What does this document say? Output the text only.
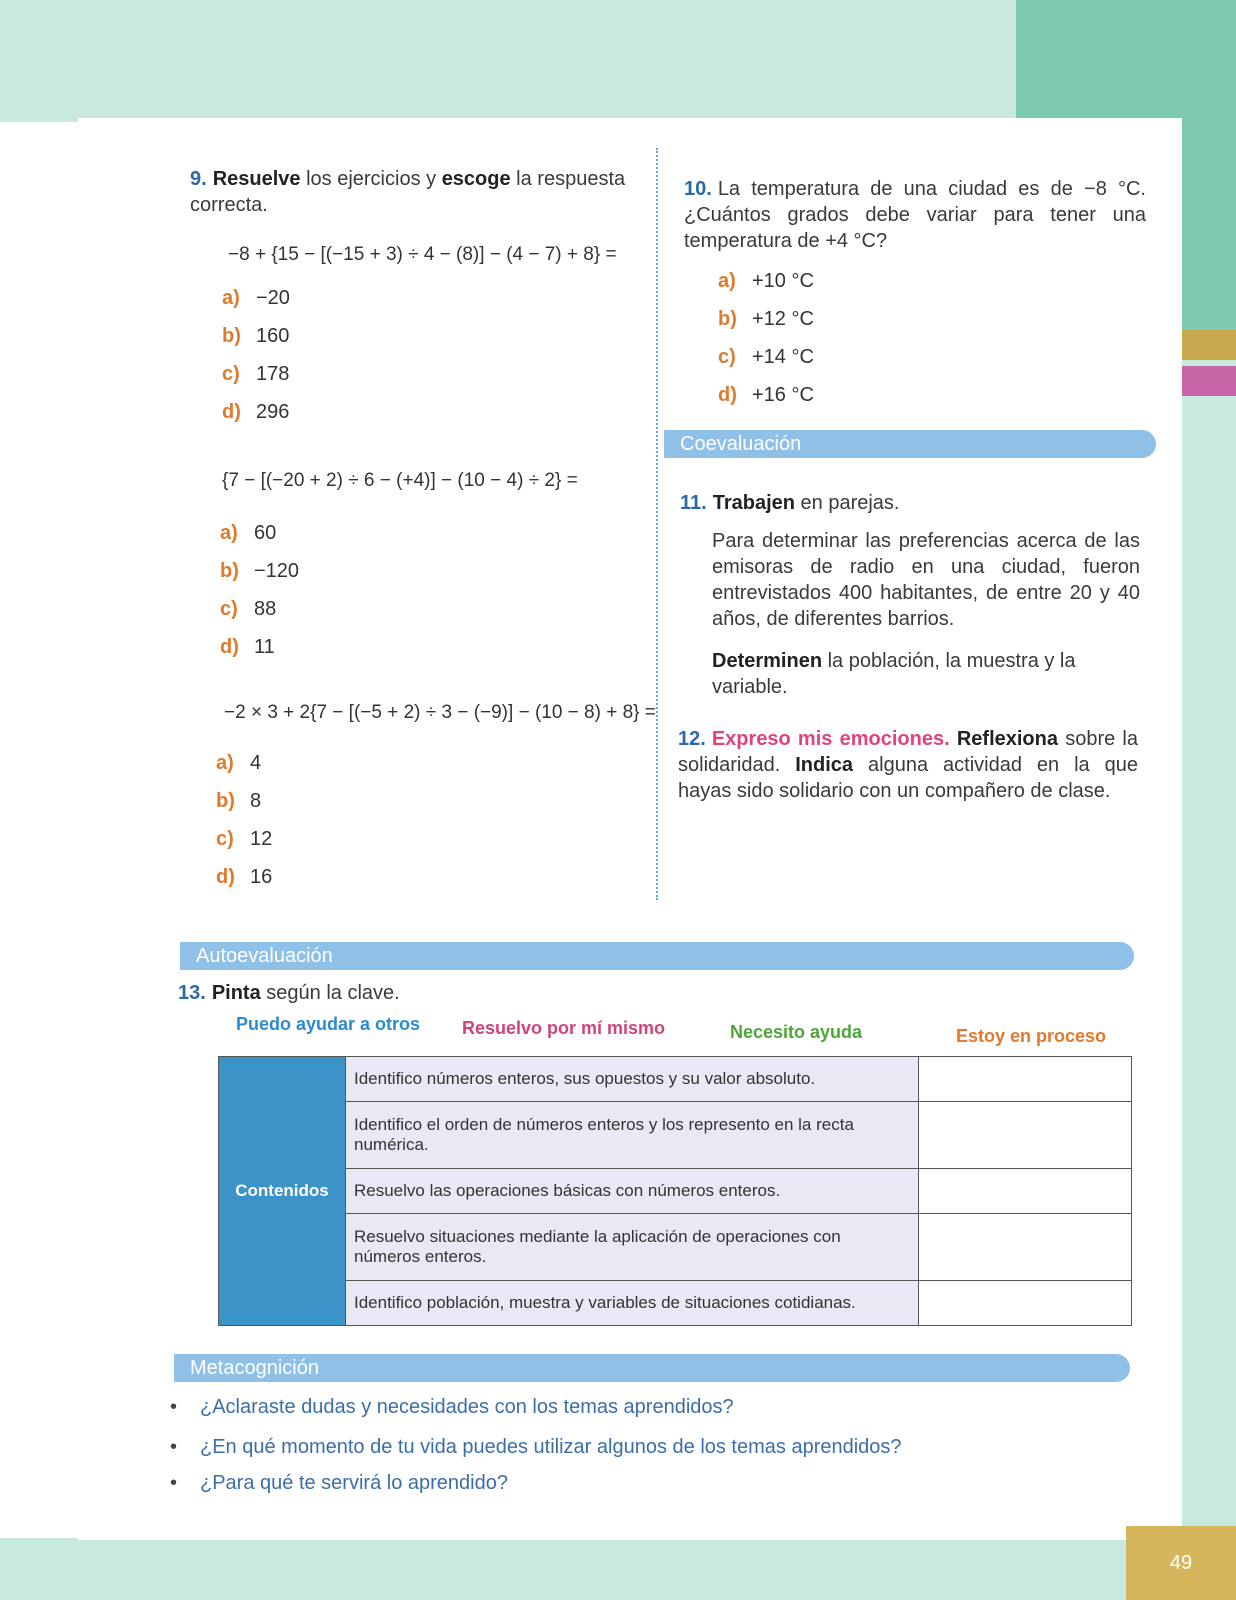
9. Resuelve los ejercicios y escoge la respuesta correcta.
−8 + {15 − [(−15 + 3) ÷ 4 − (8)] − (4 − 7) + 8} =
a) −20
b) 160
c) 178
d) 296
{7 − [(−20 + 2) ÷ 6 − (+4)] − (10 − 4) ÷ 2} =
a) 60
b) −120
c) 88
d) 11
−2 × 3 + 2{7 − [(−5 + 2) ÷ 3 − (−9)] − (10 − 8) + 8} =
a) 4
b) 8
c) 12
d) 16
10. La temperatura de una ciudad es de −8 °C. ¿Cuántos grados debe variar para tener una temperatura de +4 °C?
a) +10 °C
b) +12 °C
c) +14 °C
d) +16 °C
Coevaluación
11. Trabajen en parejas.
Para determinar las preferencias acerca de las emisoras de radio en una ciudad, fueron entrevistados 400 habitantes, de entre 20 y 40 años, de diferentes barrios.
Determinen la población, la muestra y la variable.
12. Expreso mis emociones. Reflexiona sobre la solidaridad. Indica alguna actividad en la que hayas sido solidario con un compañero de clase.
Autoevaluación
13. Pinta según la clave.
Puedo ayudar a otros Resuelvo por mí mismo	Necesito ayuda	Estoy en proceso
Contenidos	Identifico números enteros, sus opuestos y su valor absoluto.	
	Identifico el orden de números enteros y los represento en la recta numérica.	
	Resuelvo las operaciones básicas con números enteros.	
	Resuelvo situaciones mediante la aplicación de operaciones con números enteros.	
	Identifico población, muestra y variables de situaciones cotidianas.	
Metacognición
• ¿Aclaraste dudas y necesidades con los temas aprendidos?
• ¿En qué momento de tu vida puedes utilizar algunos de los temas aprendidos?
• ¿Para qué te servirá lo aprendido?
49
